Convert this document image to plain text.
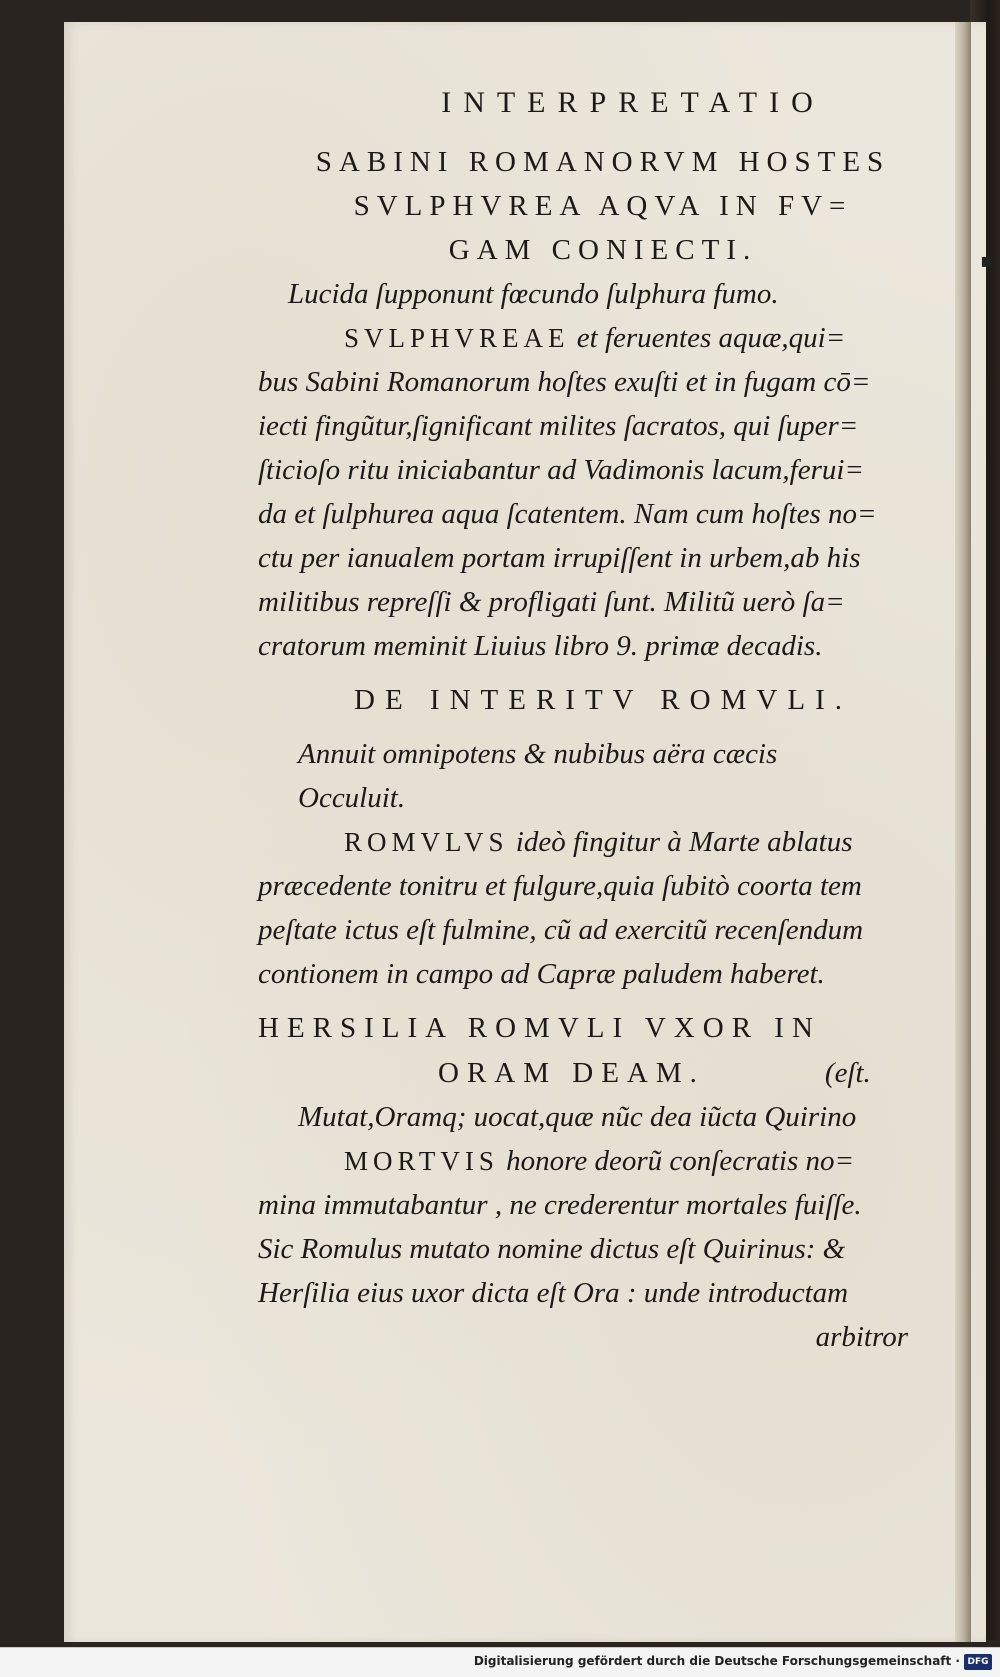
▪
INTERPRETATIO

SABINI ROMANORVM HOSTES

SVLPHVREA AQVA IN FV=

GAM CONIECTI.

Lucida ſupponunt fœcundo ſulphura fumo.

SVLPHVREAE et feruentes aquæ,qui=

bus Sabini Romanorum hoſtes exuſti et in fugam cō=

iecti fingũtur,ſignificant milites ſacratos, qui ſuper=

ſticioſo ritu iniciabantur ad Vadimonis lacum,ferui=

da et ſulphurea aqua ſcatentem. Nam cum hoſtes no=

ctu per ianualem portam irrupiſſent in urbem,ab his

militibus repreſſi & profligati ſunt. Militũ uerò ſa=

cratorum meminit Liuius libro 9. primæ decadis.

DE INTERITV ROMVLI.

Annuit omnipotens & nubibus aëra cæcis

Occuluit.

ROMVLVS ideò fingitur à Marte ablatus

præcedente tonitru et fulgure,quia ſubitò coorta tem

peſtate ictus eſt fulmine, cũ ad exercitũ recenſendum

contionem in campo ad Capræ paludem haberet.

HERSILIA ROMVLI VXOR IN

ORAM DEAM.	(eſt.

Mutat,Oramq; uocat,quæ nũc dea iũcta Quirino

MORTVIS honore deorũ conſecratis no=

mina immutabantur , ne crederentur mortales fuiſſe.

Sic Romulus mutato nomine dictus eſt Quirinus: &

Herſilia eius uxor dicta eſt Ora : unde introductam

arbitror

Digitalisierung gefördert durch die Deutsche Forschungsgemeinschaft · DFG
